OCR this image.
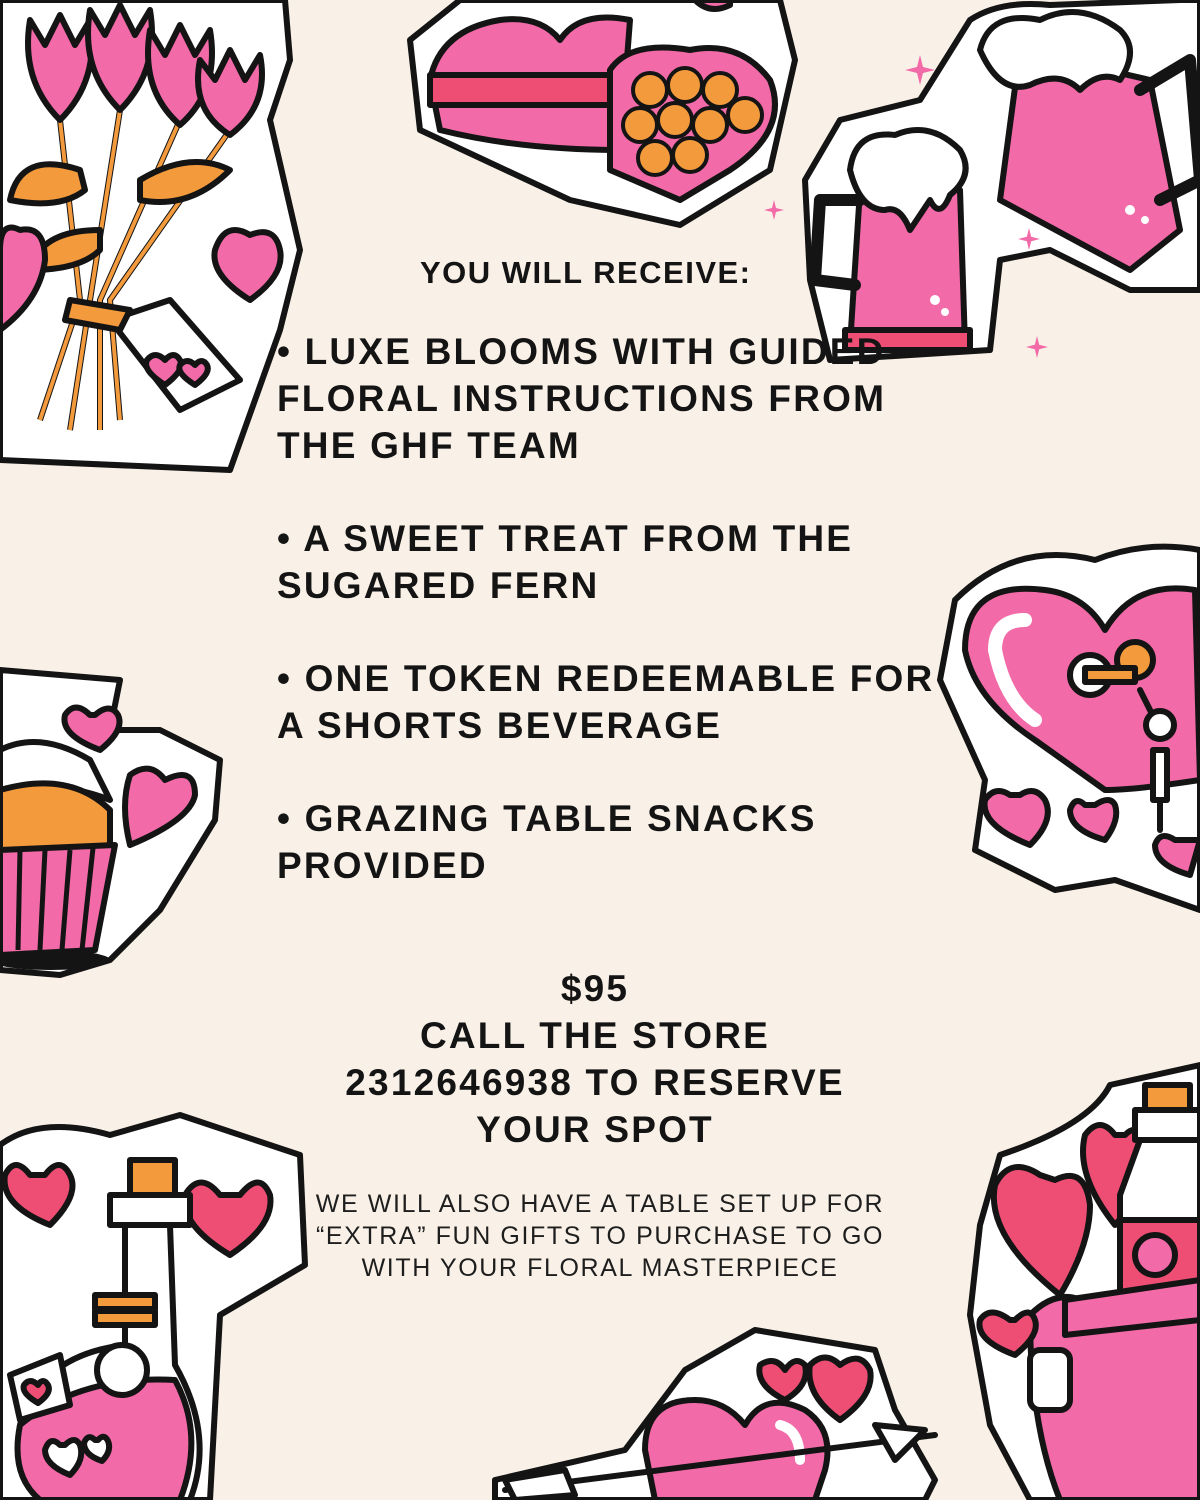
YOU WILL RECEIVE:

• LUXE BLOOMS WITH GUIDED FLORAL INSTRUCTIONS FROM THE GHF TEAM

• A SWEET TREAT FROM THE SUGARED FERN

• ONE TOKEN REDEEMABLE FOR A SHORTS BEVERAGE

• GRAZING TABLE SNACKS PROVIDED

$95
CALL THE STORE
2312646938 TO RESERVE
YOUR SPOT
WE WILL ALSO HAVE A TABLE SET UP FOR
“EXTRA” FUN GIFTS TO PURCHASE TO GO
WITH YOUR FLORAL MASTERPIECE
